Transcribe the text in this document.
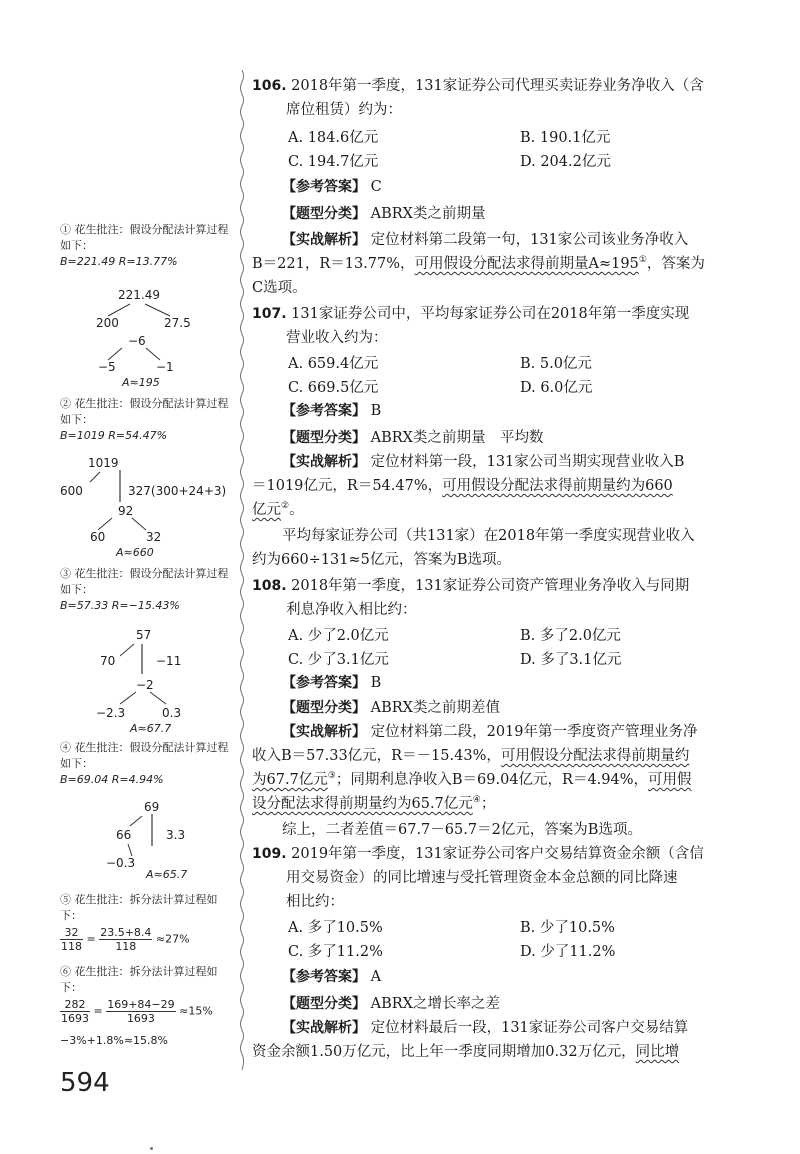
① 花生批注：假设分配法计算过程如下：
B=221.49 R=13.77%
221.49
200	27.5
−6
−5	−1
A≈195
② 花生批注：假设分配法计算过程如下：
B=1019 R=54.47%
1019
600	327(300+24+3)
92
60	32
A≈660
③ 花生批注：假设分配法计算过程如下：
B=57.33 R=−15.43%
57
70	−11
−2
−2.3	0.3
A≈67.7
④ 花生批注：假设分配法计算过程如下：
B=69.04 R=4.94%
69
66	3.3
−0.3
A≈65.7
⑤ 花生批注：拆分法计算过程如下：
$\frac{32}{118} = \frac{23.5+8.4}{118} \approx 27\%$
⑥ 花生批注：拆分法计算过程如下：
$\frac{282}{1693} = \frac{169+84-29}{1693} \approx 15\%$
−3%+1.8%≈15.8%
106. 2018年第一季度，131家证券公司代理买卖证券业务净收入（含
席位租赁）约为：
A. 184.6亿元	B. 190.1亿元
C. 194.7亿元	D. 204.2亿元
【参考答案】 C
【题型分类】 ABRX类之前期量
【实战解析】 定位材料第二段第一句，131家公司该业务净收入
B＝221，R＝13.77%，可用假设分配法求得前期量A≈195①，答案为
C选项。
107. 131家证券公司中，平均每家证券公司在2018年第一季度实现
营业收入约为：
A. 659.4亿元	B. 5.0亿元
C. 669.5亿元	D. 6.0亿元
【参考答案】 B
【题型分类】 ABRX类之前期量　平均数
【实战解析】 定位材料第一段，131家公司当期实现营业收入B
＝1019亿元，R＝54.47%，可用假设分配法求得前期量约为660
亿元②。
平均每家证券公司（共131家）在2018年第一季度实现营业收入
约为660÷131≈5亿元，答案为B选项。
108. 2018年第一季度，131家证券公司资产管理业务净收入与同期
利息净收入相比约：
A. 少了2.0亿元	B. 多了2.0亿元
C. 少了3.1亿元	D. 多了3.1亿元
【参考答案】 B
【题型分类】 ABRX类之前期差值
【实战解析】 定位材料第二段，2019年第一季度资产管理业务净
收入B＝57.33亿元，R＝－15.43%，可用假设分配法求得前期量约
为67.7亿元③；同期利息净收入B＝69.04亿元，R＝4.94%，可用假
设分配法求得前期量约为65.7亿元④；
综上，二者差值＝67.7－65.7＝2亿元，答案为B选项。
109. 2019年第一季度，131家证券公司客户交易结算资金余额（含信
用交易资金）的同比增速与受托管理资金本金总额的同比降速
相比约：
A. 多了10.5%	B. 少了10.5%
C. 多了11.2%	D. 少了11.2%
【参考答案】 A
【题型分类】 ABRX之增长率之差
【实战解析】 定位材料最后一段，131家证券公司客户交易结算
资金余额1.50万亿元，比上年一季度同期增加0.32万亿元，同比增
594
